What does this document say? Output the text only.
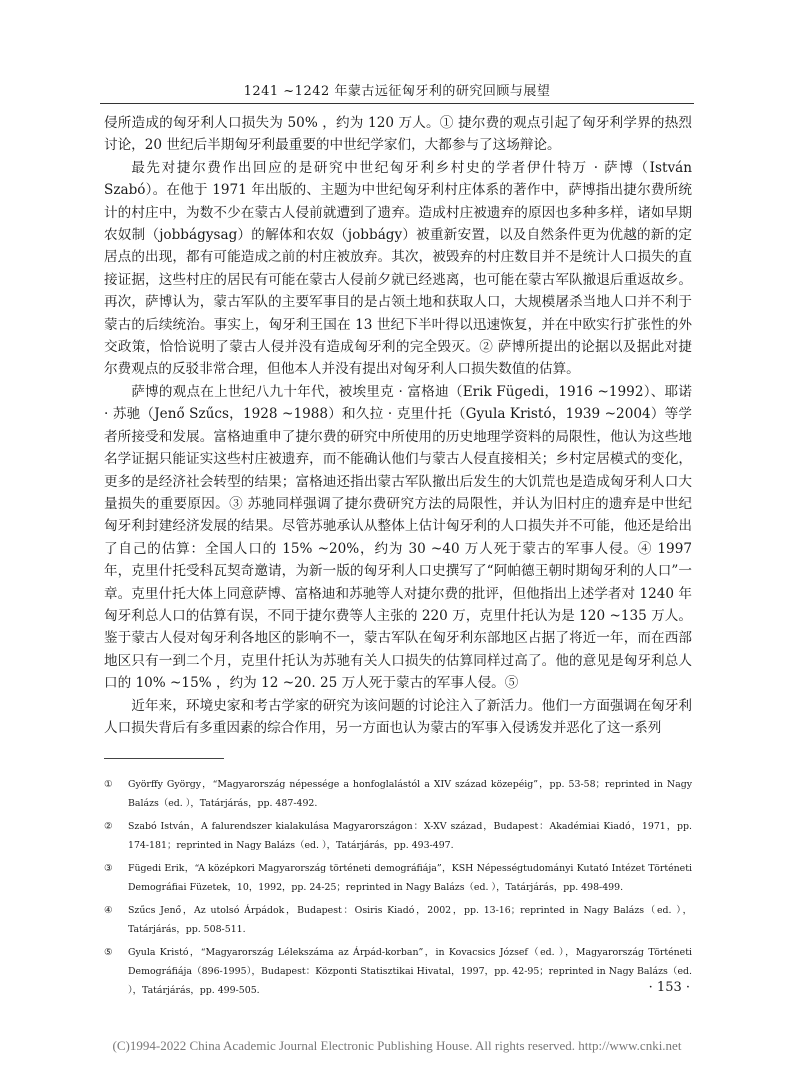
1241 ~1242 年蒙古远征匈牙利的研究回顾与展望

侵所造成的匈牙利人口损失为 50% ，约为 120 万人。① 捷尔费的观点引起了匈牙利学界的热烈讨论，20 世纪后半期匈牙利最重要的中世纪学家们，大都参与了这场辩论。

最先对捷尔费作出回应的是研究中世纪匈牙利乡村史的学者伊什特万 · 萨博（István Szabó）。在他于 1971 年出版的、主题为中世纪匈牙利村庄体系的著作中，萨博指出捷尔费所统计的村庄中，为数不少在蒙古人侵前就遭到了遗弃。造成村庄被遗弃的原因也多种多样，诸如早期农奴制（jobbágysag）的解体和农奴（jobbágy）被重新安置，以及自然条件更为优越的新的定居点的出现，都有可能造成之前的村庄被放弃。其次，被毁弃的村庄数目并不是统计人口损失的直接证据，这些村庄的居民有可能在蒙古人侵前夕就已经逃离，也可能在蒙古军队撤退后重返故乡。再次，萨博认为，蒙古军队的主要军事目的是占领土地和获取人口，大规模屠杀当地人口并不利于蒙古的后续统治。事实上，匈牙利王国在 13 世纪下半叶得以迅速恢复，并在中欧实行扩张性的外交政策，恰恰说明了蒙古人侵并没有造成匈牙利的完全毁灭。② 萨博所提出的论据以及据此对捷尔费观点的反驳非常合理，但他本人并没有提出对匈牙利人口损失数值的估算。

萨博的观点在上世纪八九十年代，被埃里克 · 富格迪（Erik Fügedi，1916 ~1992）、耶诺 · 苏驰（Jenő Szűcs，1928 ~1988）和久拉 · 克里什托（Gyula Kristó，1939 ~2004）等学者所接受和发展。富格迪重申了捷尔费的研究中所使用的历史地理学资料的局限性，他认为这些地名学证据只能证实这些村庄被遗弃，而不能确认他们与蒙古人侵直接相关；乡村定居模式的变化，更多的是经济社会转型的结果；富格迪还指出蒙古军队撤出后发生的大饥荒也是造成匈牙利人口大量损失的重要原因。③ 苏驰同样强调了捷尔费研究方法的局限性，并认为旧村庄的遗弃是中世纪匈牙利封建经济发展的结果。尽管苏驰承认从整体上估计匈牙利的人口损失并不可能，他还是给出了自己的估算：全国人口的 15% ~20%，约为 30 ~40 万人死于蒙古的军事人侵。④ 1997 年，克里什托受科瓦契奇邀请，为新一版的匈牙利人口史撰写了“阿帕德王朝时期匈牙利的人口”一章。克里什托大体上同意萨博、富格迪和苏驰等人对捷尔费的批评，但他指出上述学者对 1240 年匈牙利总人口的估算有误，不同于捷尔费等人主张的 220 万，克里什托认为是 120 ~135 万人。鉴于蒙古人侵对匈牙利各地区的影响不一，蒙古军队在匈牙利东部地区占据了将近一年，而在西部地区只有一到二个月，克里什托认为苏驰有关人口损失的估算同样过高了。他的意见是匈牙利总人口的 10% ~15% ，约为 12 ~20. 25 万人死于蒙古的军事人侵。⑤

近年来，环境史家和考古学家的研究为该问题的讨论注入了新活力。他们一方面强调在匈牙利人口损失背后有多重因素的综合作用，另一方面也认为蒙古的军事入侵诱发并恶化了这一系列

①	Györffy György，“Magyarország népessége a honfoglalástól a XIV század közepéig”，pp. 53-58；reprinted in Nagy Balázs（ed. ），Tatárjárás，pp. 487-492.
②	Szabó István，A falurendszer kialakulása Magyarországon：X-XV század，Budapest：Akadémiai Kiadó，1971，pp. 174-181；reprinted in Nagy Balázs（ed. ），Tatárjárás，pp. 493-497.
③	Fügedi Erik，“A középkori Magyarország történeti demográfiája”，KSH Népességtudományi Kutató Intézet Történeti Demográfiai Füzetek，10，1992，pp. 24-25；reprinted in Nagy Balázs（ed. ），Tatárjárás，pp. 498-499.
④	Szűcs Jenő，Az utolsó Árpádok，Budapest：Osiris Kiadó，2002，pp. 13-16；reprinted in Nagy Balázs（ed. ），Tatárjárás，pp. 508-511.
⑤	Gyula Kristó，“Magyarország Lélekszáma az Árpád-korban”，in Kovacsics József（ed. ），Magyarország Történeti Demográfiája（896-1995），Budapest：Központi Statisztikai Hivatal，1997，pp. 42-95；reprinted in Nagy Balázs（ed. ），Tatárjárás，pp. 499-505.	· 153 ·
(C)1994-2022 China Academic Journal Electronic Publishing House. All rights reserved. http://www.cnki.net
